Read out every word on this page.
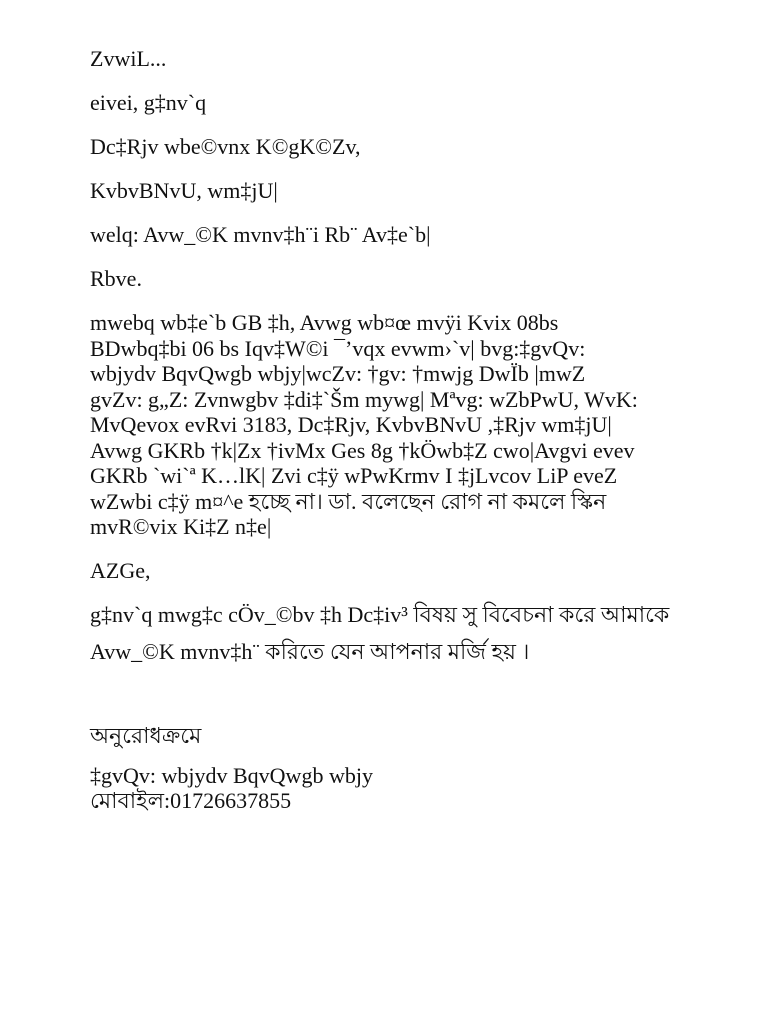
ZvwiL...
eivei, g‡nv`q
Dc‡Rjv wbe©vnx K©gK©Zv,
KvbvBNvU, wm‡jU|
welq: Avw_©K mvnv‡h¨i Rb¨ Av‡e`b|
Rbve.
mwebq wb‡e`b GB ‡h, Avwg wb¤œ mvÿi Kvix 08bs
BDwbq‡bi 06 bs Iqv‡W©i ¯’vqx evwm›`v| bvg:‡gvQv:
wbjydv BqvQwgb wbjy|wcZv: †gv: †mwjg DwÏb |mwZ
gvZv: g„Z: Zvnwgbv ‡di‡`Šm mywg| Mªvg: wZbPwU, WvK:
MvQevox evRvi 3183, Dc‡Rjv, KvbvBNvU ,‡Rjv wm‡jU|
Avwg GKRb †k|Zx †ivMx Ges 8g †kÖwb‡Z cwo|Avgvi evev
GKRb `wi`ª K…lK| Zvi c‡ÿ wPwKrmv I ‡jLvcov LiP eveZ
wZwbi c‡ÿ m¤^e হচ্ছে না। ডা. বলেছেন রোগ না কমলে স্কিন
mvR©vix Ki‡Z n‡e|
AZGe,
g‡nv`q mwg‡c cÖv_©bv ‡h Dc‡iv³ বিষয় সু বিবেচনা করে আমাকে
Avw_©K mvnv‡h¨ করিতে যেন আপনার মর্জি হয় ।
অনুরোধক্রমে
‡gvQv: wbjydv BqvQwgb wbjy
মোবাইল:01726637855
